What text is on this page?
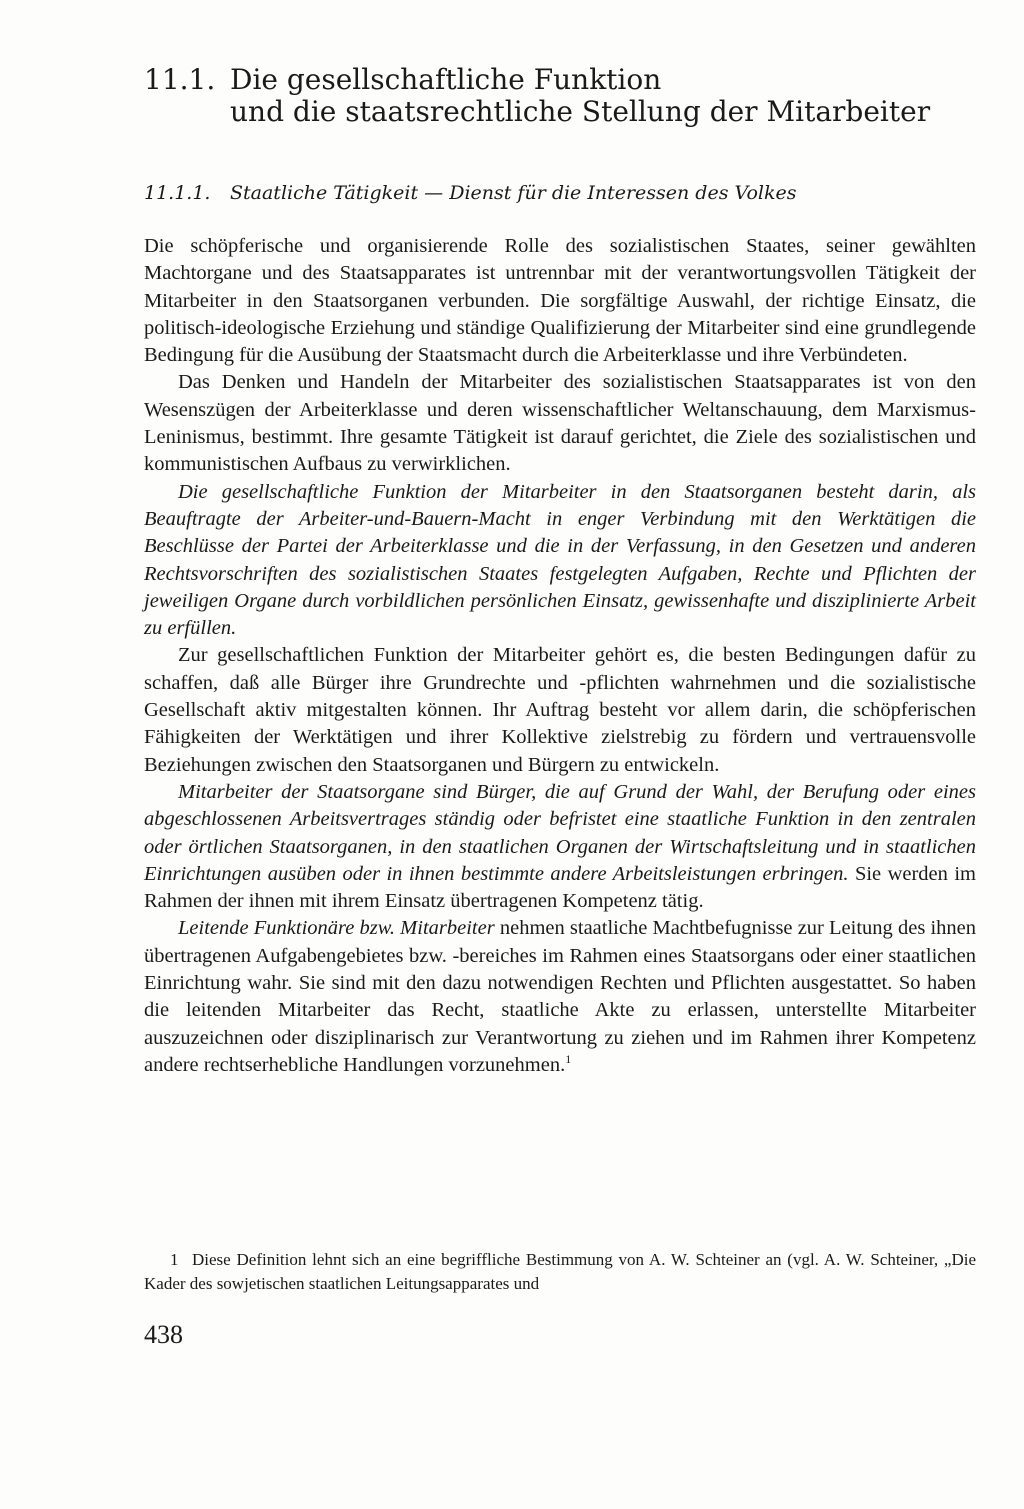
11.1. Die gesellschaftliche Funktion
und die staatsrechtliche Stellung der Mitarbeiter
11.1.1. Staatliche Tätigkeit — Dienst für die Interessen des Volkes

Die schöpferische und organisierende Rolle des sozialistischen Staates, seiner gewählten Machtorgane und des Staatsapparates ist untrennbar mit der verantwortungsvollen Tätigkeit der Mitarbeiter in den Staatsorganen verbunden. Die sorgfältige Auswahl, der richtige Einsatz, die politisch-ideologische Erziehung und ständige Qualifizierung der Mitarbeiter sind eine grundlegende Bedingung für die Ausübung der Staatsmacht durch die Arbeiterklasse und ihre Verbündeten.

Das Denken und Handeln der Mitarbeiter des sozialistischen Staatsapparates ist von den Wesenszügen der Arbeiterklasse und deren wissenschaftlicher Weltanschauung, dem Marxismus-Leninismus, bestimmt. Ihre gesamte Tätigkeit ist darauf gerichtet, die Ziele des sozialistischen und kommunistischen Aufbaus zu verwirklichen.

Die gesellschaftliche Funktion der Mitarbeiter in den Staatsorganen besteht darin, als Beauftragte der Arbeiter-und-Bauern-Macht in enger Verbindung mit den Werktätigen die Beschlüsse der Partei der Arbeiterklasse und die in der Verfassung, in den Gesetzen und anderen Rechtsvorschriften des sozialistischen Staates festgelegten Aufgaben, Rechte und Pflichten der jeweiligen Organe durch vorbildlichen persönlichen Einsatz, gewissenhafte und disziplinierte Arbeit zu erfüllen.

Zur gesellschaftlichen Funktion der Mitarbeiter gehört es, die besten Bedingungen dafür zu schaffen, daß alle Bürger ihre Grundrechte und -pflichten wahrnehmen und die sozialistische Gesellschaft aktiv mitgestalten können. Ihr Auftrag besteht vor allem darin, die schöpferischen Fähigkeiten der Werktätigen und ihrer Kollektive zielstrebig zu fördern und vertrauensvolle Beziehungen zwischen den Staatsorganen und Bürgern zu entwickeln.

Mitarbeiter der Staatsorgane sind Bürger, die auf Grund der Wahl, der Berufung oder eines abgeschlossenen Arbeitsvertrages ständig oder befristet eine staatliche Funktion in den zentralen oder örtlichen Staatsorganen, in den staatlichen Organen der Wirtschaftsleitung und in staatlichen Einrichtungen ausüben oder in ihnen bestimmte andere Arbeitsleistungen erbringen. Sie werden im Rahmen der ihnen mit ihrem Einsatz übertragenen Kompetenz tätig.

Leitende Funktionäre bzw. Mitarbeiter nehmen staatliche Machtbefugnisse zur Leitung des ihnen übertragenen Aufgabengebietes bzw. -bereiches im Rahmen eines Staatsorgans oder einer staatlichen Einrichtung wahr. Sie sind mit den dazu notwendigen Rechten und Pflichten ausgestattet. So haben die leitenden Mitarbeiter das Recht, staatliche Akte zu erlassen, unterstellte Mitarbeiter auszuzeichnen oder disziplinarisch zur Verantwortung zu ziehen und im Rahmen ihrer Kompetenz andere rechtserhebliche Handlungen vorzunehmen.$^1$

1 Diese Definition lehnt sich an eine begriffliche Bestimmung von A. W. Schteiner an (vgl. A. W. Schteiner, „Die Kader des sowjetischen staatlichen Leitungsapparates und
438
